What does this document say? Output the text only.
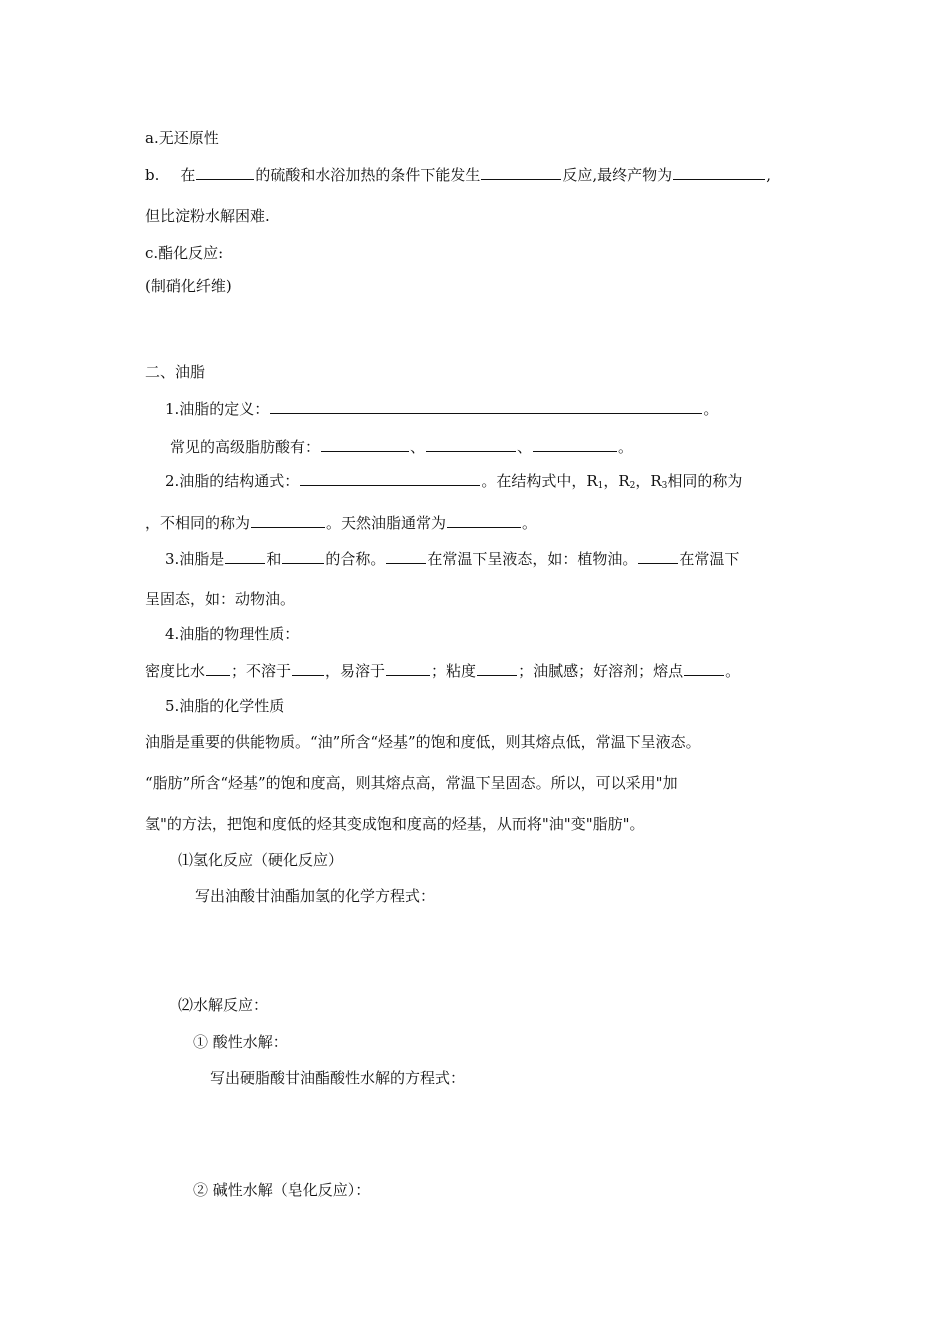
a.无还原性
b. 在	的硫酸和水浴加热的条件下能发生	反应,最终产物为	,
但比淀粉水解困难.
c.酯化反应:
(制硝化纤维)
二、油脂
1.油脂的定义：	。
常见的高级脂肪酸有：	、	、	。
2.油脂的结构通式：	。在结构式中，$R_1$，$R_2$，$R_3$相同的称为
，不相同的称为	。天然油脂通常为	。
3.油脂是	和	的合称。	在常温下呈液态，如：植物油。	在常温下
呈固态，如：动物油。
4.油脂的物理性质：
密度比水 ；不溶于 ，易溶于	；粘度	；油腻感；好溶剂；熔点	。
5.油脂的化学性质
油脂是重要的供能物质。“油”所含“烃基”的饱和度低，则其熔点低，常温下呈液态。
“脂肪”所含“烃基”的饱和度高，则其熔点高，常温下呈固态。所以，可以采用"加
氢"的方法，把饱和度低的烃其变成饱和度高的烃基，从而将"油"变"脂肪"。
⑴氢化反应（硬化反应）
写出油酸甘油酯加氢的化学方程式：
⑵水解反应：
① 酸性水解：
写出硬脂酸甘油酯酸性水解的方程式：
② 碱性水解（皂化反应）：
